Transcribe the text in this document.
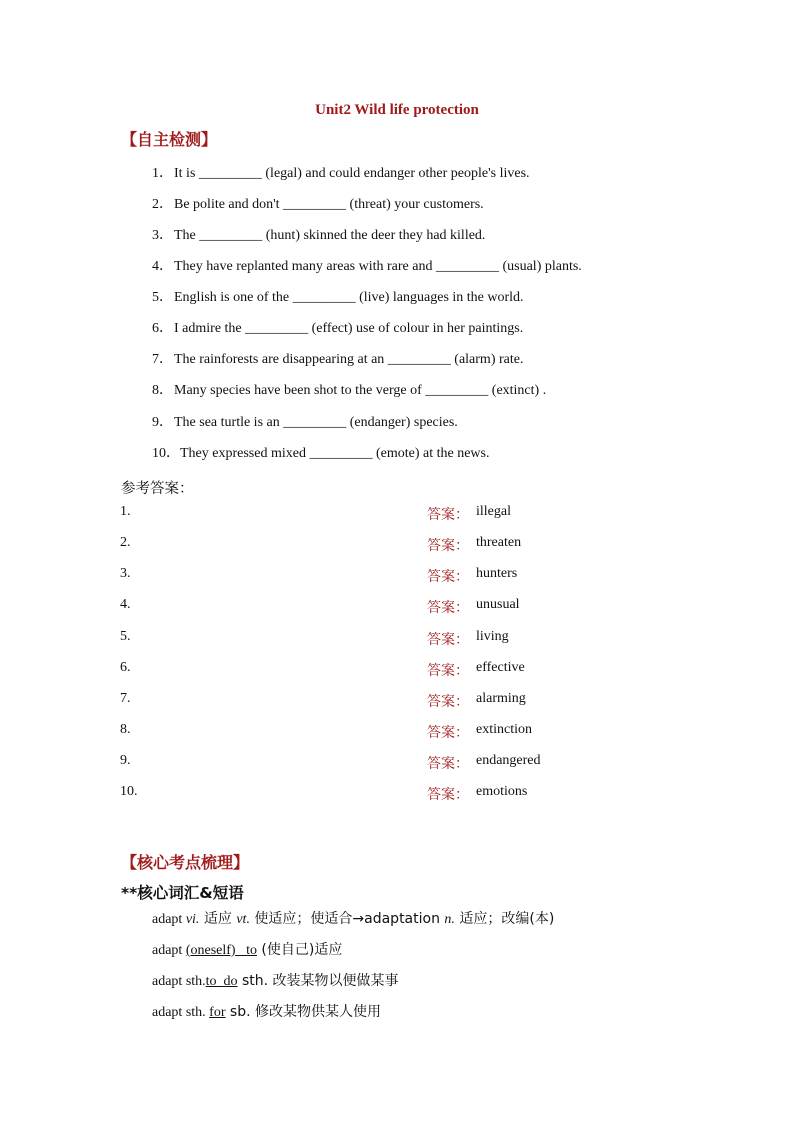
Unit2 Wild life protection
【自主检测】
1．It is _________ (legal) and could endanger other people's lives.
2．Be polite and don't _________ (threat) your customers.
3．The _________ (hunt) skinned the deer they had killed.
4．They have replanted many areas with rare and _________ (usual) plants.
5．English is one of the _________ (live) languages in the world.
6．I admire the _________ (effect) use of colour in her paintings.
7．The rainforests are disappearing at an _________ (alarm) rate.
8．Many species have been shot to the verge of _________ (extinct) .
9．The sea turtle is an _________ (endanger) species.
10．They expressed mixed _________ (emote) at the news.
参考答案：
1.	答案： illegal
2.	答案： threaten
3.	答案： hunters
4.	答案： unusual
5.	答案： living
6.	答案： effective
7.	答案： alarming
8.	答案： extinction
9.	答案： endangered
10.	答案： emotions
【核心考点梳理】
**核心词汇&短语
adapt vi. 适应 vt. 使适应；使适合→adaptation n. 适应；改编(本)
adapt (oneself) to (使自己)适应
adapt sth.to do sth. 改装某物以便做某事
adapt sth. for sb. 修改某物供某人使用
